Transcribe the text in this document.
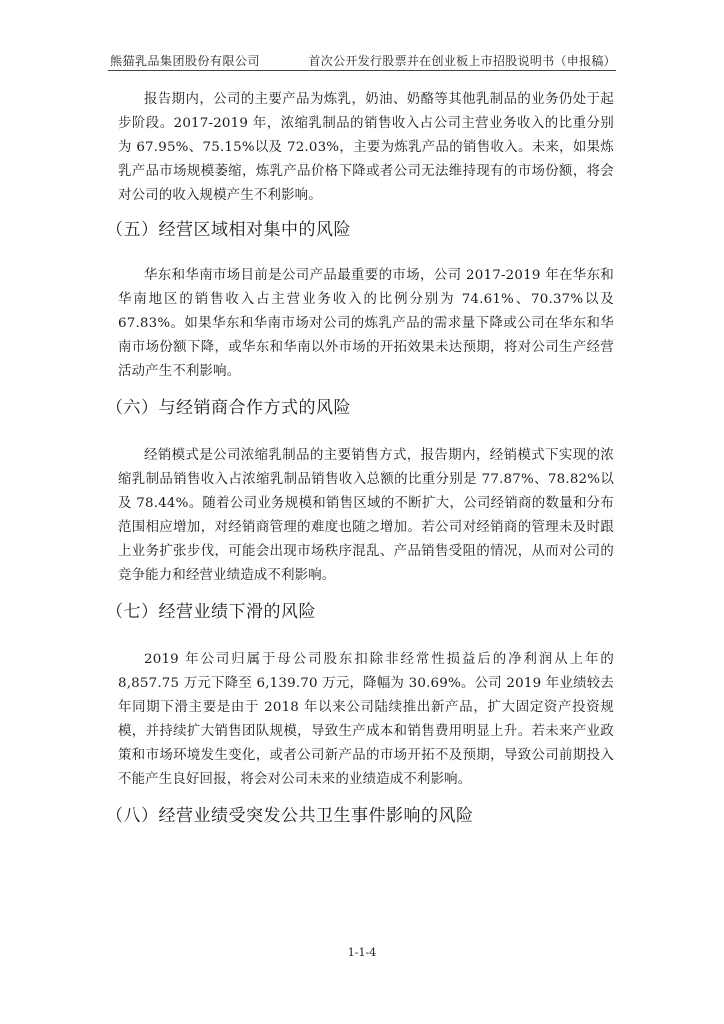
熊猫乳品集团股份有限公司	首次公开发行股票并在创业板上市招股说明书（申报稿）

报告期内，公司的主要产品为炼乳，奶油、奶酪等其他乳制品的业务仍处于起步阶段。2017-2019 年，浓缩乳制品的销售收入占公司主营业务收入的比重分别为 67.95%、75.15%以及 72.03%，主要为炼乳产品的销售收入。未来，如果炼乳产品市场规模萎缩，炼乳产品价格下降或者公司无法维持现有的市场份额，将会对公司的收入规模产生不利影响。

（五）经营区域相对集中的风险

华东和华南市场目前是公司产品最重要的市场，公司 2017-2019 年在华东和华南地区的销售收入占主营业务收入的比例分别为 74.61%、70.37%以及 67.83%。如果华东和华南市场对公司的炼乳产品的需求量下降或公司在华东和华南市场份额下降，或华东和华南以外市场的开拓效果未达预期，将对公司生产经营活动产生不利影响。

（六）与经销商合作方式的风险

经销模式是公司浓缩乳制品的主要销售方式，报告期内，经销模式下实现的浓缩乳制品销售收入占浓缩乳制品销售收入总额的比重分别是 77.87%、78.82%以及 78.44%。随着公司业务规模和销售区域的不断扩大，公司经销商的数量和分布范围相应增加，对经销商管理的难度也随之增加。若公司对经销商的管理未及时跟上业务扩张步伐，可能会出现市场秩序混乱、产品销售受阻的情况，从而对公司的竞争能力和经营业绩造成不利影响。

（七）经营业绩下滑的风险

2019 年公司归属于母公司股东扣除非经常性损益后的净利润从上年的 8,857.75 万元下降至 6,139.70 万元，降幅为 30.69%。公司 2019 年业绩较去年同期下滑主要是由于 2018 年以来公司陆续推出新产品，扩大固定资产投资规模，并持续扩大销售团队规模，导致生产成本和销售费用明显上升。若未来产业政策和市场环境发生变化，或者公司新产品的市场开拓不及预期，导致公司前期投入不能产生良好回报，将会对公司未来的业绩造成不利影响。

（八）经营业绩受突发公共卫生事件影响的风险
1-1-4
